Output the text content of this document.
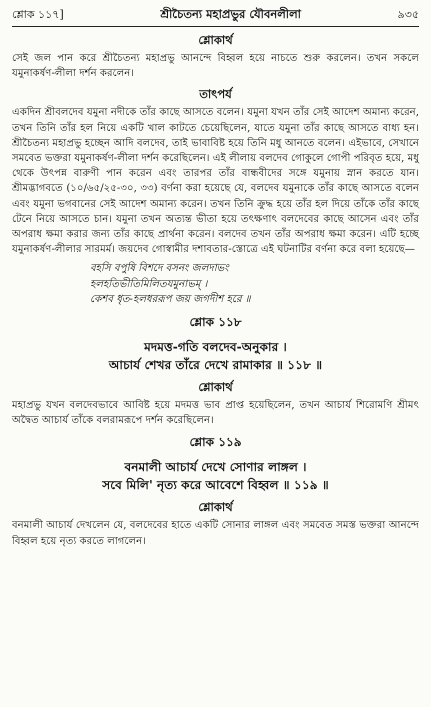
শ্লোক ১১৭]	শ্রীচৈতন্য মহাপ্রভুর যৌবনলীলা	৯৩৫
শ্লোকার্থ

সেই জল পান করে শ্রীচৈতন্য মহাপ্রভু আনন্দে বিহ্বল হয়ে নাচতে শুরু করলেন। তখন সকলে যমুনাকর্ষণ-লীলা দর্শন করলেন।

তাৎপর্য

একদিন শ্রীবলদেব যমুনা নদীকে তাঁর কাছে আসতে বলেন। যমুনা যখন তাঁর সেই আদেশ অমান্য করেন, তখন তিনি তাঁর হল নিয়ে একটি খাল কাটতে চেয়েছিলেন, যাতে যমুনা তাঁর কাছে আসতে বাধ্য হন। শ্রীচৈতন্য মহাপ্রভু হচ্ছেন আদি বলদেব, তাই ভাবাবিষ্ট হয়ে তিনি মধু আনতে বলেন। এইভাবে, সেখানে সমবেত ভক্তরা যমুনাকর্ষণ-লীলা দর্শন করেছিলেন। এই লীলায় বলদেব গোকুলে গোপী পরিবৃত হয়ে, মধু থেকে উৎপন্ন বারুণী পান করেন এবং তারপর তাঁর বান্ধবীদের সঙ্গে যমুনায় স্নান করতে যান। শ্রীমদ্ভাগবতে (১০/৬৫/২৫-৩০, ৩৩) বর্ণনা করা হয়েছে যে, বলদেব যমুনাকে তাঁর কাছে আসতে বলেন এবং যমুনা ভগবানের সেই আদেশ অমান্য করেন। তখন তিনি ক্রুদ্ধ হয়ে তাঁর হল দিয়ে তাঁকে তাঁর কাছে টেনে নিয়ে আসতে চান। যমুনা তখন অত্যন্ত ভীতা হয়ে তৎক্ষণাৎ বলদেবের কাছে আসেন এবং তাঁর অপরাধ ক্ষমা করার জন্য তাঁর কাছে প্রার্থনা করেন। বলদেব তখন তাঁর অপরাধ ক্ষমা করেন। এটি হচ্ছে যমুনাকর্ষণ-লীলার সারমর্ম। জয়দেব গোস্বামীর দশাবতার-স্তোত্রে এই ঘটনাটির বর্ণনা করে বলা হয়েছে—

বহসি বপুষি বিশদে বসনং জলদাভং
হলহতিভীতিমিলিতযমুনাভম্ ।
কেশব ধৃত-হলধররূপ জয় জগদীশ হরে ॥
শ্লোক ১১৮

মদমত্ত-গতি বলদেব-অনুকার ।

আচার্য শেখর তাঁরে দেখে রামাকার ॥ ১১৮ ॥

শ্লোকার্থ

মহাপ্রভু যখন বলদেবভাবে আবিষ্ট হয়ে মদমত্ত ভাব প্রাপ্ত হয়েছিলেন, তখন আচার্য শিরোমণি শ্রীমৎ অদ্বৈত আচার্য তাঁকে বলরামরূপে দর্শন করেছিলেন।

শ্লোক ১১৯

বনমালী আচার্য দেখে সোণার লাঙ্গল ।

সবে মিলি' নৃত্য করে আবেশে বিহ্বল ॥ ১১৯ ॥

শ্লোকার্থ

বনমালী আচার্য দেখলেন যে, বলদেবের হাতে একটি সোনার লাঙ্গল এবং সমবেত সমস্ত ভক্তরা আনন্দে বিহ্বল হয়ে নৃত্য করতে লাগলেন।
